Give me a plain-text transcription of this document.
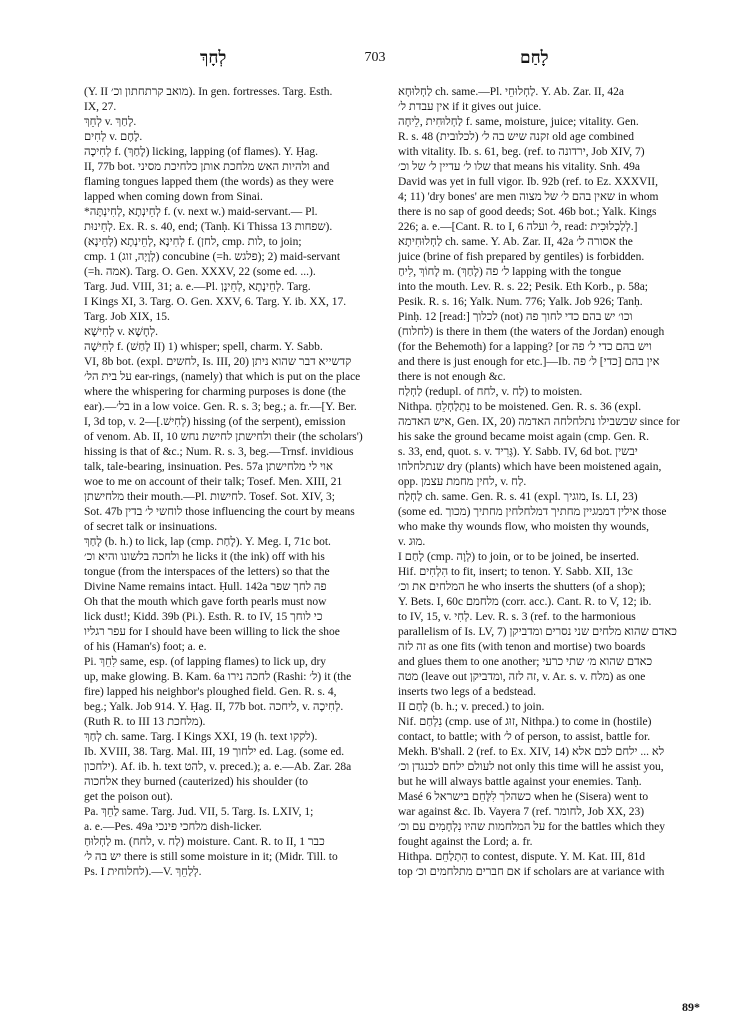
לְחָךְ	703	לָחַם
(Y. II מואב קרתחתון וכ׳). In gen. fortresses. Targ. Esth.
IX, 27.
לְחֵךְ v. לָחַךְ.
לְחִים v. לֶחֶם.
לְחִיכָה f. (לָחַךְ) licking, lapping (of flames). Y. Ḥag.
II, 77b bot. ולהיות האש מלחכת אותן כלחיכת מסיני and
flaming tongues lapped them (the words) as they were
lapped when coming down from Sinai.
*לְחֵינְתָא ,לְחִינְתָּה f. (v. next w.) maid-servant.— Pl.
לְחֵינוּת. Ex. R. s. 40, end; (Tanḥ. Ki Thissa 13 שפחות).
לְחִינָא ,לְחֵינְתָא (לְחֵינָא) f. (לחן, cmp. לות, to join;
cmp. לְוָיָה, זוג) 1) concubine (=h. פלגש); 2) maid-servant
(=h. אמה). Targ. O. Gen. XXXV, 22 (some ed. ...).
Targ. Jud. VIII, 31; a. e.—Pl. לְחֵינָתָא ,לְחֵינָן. Targ.
I Kings XI, 3. Targ. O. Gen. XXV, 6. Targ. Y. ib. XX, 17.
Targ. Job XIX, 15.
לְחִישָׁא v. לְחָשָׁא.
לְחִישָׁה f. (לָחַשׁ II) 1) whisper; spell, charm. Y. Sabb.
VI, 8b bot. (expl. לחשים, Is. III, 20) קדשייא דבר שהוא ניתן
על בית הל׳ ear-rings, (namely) that which is put on the place
where the whispering for charming purposes is done (the
ear).—בל׳ in a low voice. Gen. R. s. 3; beg.; a. fr.—[Y. Ber.
I, 3d top, v. לְחִישׁ.]—2) hissing (of the serpent), emission
of venom. Ab. II, 10 ולחישתן לחישת נחש their (the scholars')
hissing is that of &c.; Num. R. s. 3, beg.—Trnsf. invidious
talk, tale-bearing, insinuation. Pes. 57a אוי לי מלחישתן
woe to me on account of their talk; Tosef. Men. XIII, 21
מלחישתן their mouth.—Pl. לחישות. Tosef. Sot. XIV, 3;
Sot. 47b לוחשי ל׳ בדין those influencing the court by means
of secret talk or insinuations.
לָחַךְ (b. h.) to lick, lap (cmp. לָחַת). Y. Meg. I, 71c bot.
ולחכה בלשונו והיא וכ׳ he licks it (the ink) off with his
tongue (from the interspaces of the letters) so that the
Divine Name remains intact. Ḥull. 142a פה לחך שפר
Oh that the mouth which gave forth pearls must now
lick dust!; Kidd. 39b (Pi.). Esth. R. to IV, 15 כי לוחך
עפר רגליו for I should have been willing to lick the shoe
of his (Haman's) foot; a. e.
Pi. לִחֵךְ same, esp. (of lapping flames) to lick up, dry
up, make glowing. B. Kam. 6a לחכה נירו (Rashi: ל׳) it (the
fire) lapped his neighbor's ploughed field. Gen. R. s. 4,
beg.; Yalk. Job 914. Y. Ḥag. II, 77b bot. ליחכה, v. לְחִיכָה.
(Ruth R. to III 13 מלחכת).
לְחַךְ ch. same. Targ. I Kings XXI, 19 (h. text לקקו).
Ib. XVIII, 38. Targ. Mal. III, 19 ילחוך ed. Lag. (some ed.
ילחכון). Af. ib. h. text להט, v. preced.); a. e.—Ab. Zar. 28a
אלחכוה they burned (cauterized) his shoulder (to
get the poison out).
Pa. לַחֵךְ same. Targ. Jud. VII, 5. Targ. Is. LXIV, 1;
a. e.—Pes. 49a מלחכי פינכי dish-licker.
לַחְלוּחַ m. (לחח, v. לַח) moisture. Cant. R. to II, 1 כבר
יש בה ל׳ there is still some moisture in it; (Midr. Till. to
Ps. I לחלוחית).—V. לְלַחֵךְ.
לַחְלוּחָא ch. same.—Pl. לַחְלוּחֵי. Y. Ab. Zar. II, 42a
אין עבדת ל׳ if it gives out juice.
לַחְלוּחִית ,לֵיחָה f. same, moisture, juice; vitality. Gen.
R. s. 48 (לכלובית) זקנה שיש בה ל׳ old age combined
with vitality. Ib. s. 61, beg. (ref. to ירדונה, Job XIV, 7)
שלו ל׳ עדיין ל׳ של וכ׳ that means his vitality. Snh. 49a
David was yet in full vigor. Ib. 92b (ref. to Ez. XXXVII,
4; 11) 'dry bones' are men שאין בהם ל׳ של מצוה in whom
there is no sap of good deeds; Sot. 46b bot.; Yalk. Kings
226; a. e.—[Cant. R. to I, 6 ל׳ ועלה, read: לְלַכְלוּכִית.]
לַחְלוּחִיתָא ch. same. Y. Ab. Zar. II, 42a אסורה ל׳ the
juice (brine of fish prepared by gentiles) is forbidden.
לָחוֹךְ ,לִיחַ m. (לָחַךְ) ל׳ פה lapping with the tongue
into the mouth. Lev. R. s. 22; Pesik. Eth Korb., p. 58a;
Pesik. R. s. 16; Yalk. Num. 776; Yalk. Job 926; Tanḥ.
Pinḥ. 12 [read:] לכלוך (not) וכו׳ יש בהם כדי לחוך פה
(לחלוח) is there in them (the waters of the Jordan) enough
(for the Behemoth) for a lapping? [or ויש בהם כדי ל׳ פה
and there is just enough for etc.]—Ib. אין בהם [כדי] ל׳ פה
there is not enough &c.
לַחְלַח (redupl. of לחח, v. לַח) to moisten.
Nithpa. נִתְלַחְלֵחַ to be moistened. Gen. R. s. 36 (expl.
איש האדמה, Gen. IX, 20) שבשבילו נתלחלחה האדמה since for
his sake the ground became moist again (cmp. Gen. R.
s. 33, end, quot. s. v. גְּרִיד). Y. Sabb. IV, 6d bot. יבשין
שנתלחלחו dry (plants) which have been moistened again,
opp. לחין מחמת עצמן, v. לַח.
לַחְלַח ch. same. Gen. R. s. 41 (expl. מוגיך, Is. LI, 23)
(some ed. מכוך) אילין דממגיין מחתיך דמלחלחין מחתיך those
who make thy wounds flow, who moisten thy wounds,
v. מוּג.
I לָחַם (cmp. לְוָה) to join, or to be joined, be inserted.
Hif. הִלְחִים to fit, insert; to tenon. Y. Sabb. XII, 13c
המלחים את וכ׳ he who inserts the shutters (of a shop);
Y. Bets. I, 60c מלחמם (corr. acc.). Cant. R. to V, 12; ib.
to IV, 15, v. לְחִי. Lev. R. s. 3 (ref. to the harmonious
parallelism of Is. LV, 7) כאדם שהוא מלחים שני נסרים ומדביקן
זה לזה as one fits (with tenon and mortise) two boards
and glues them to one another; כאדם שהוא מ׳ שתי כרעי
מטה (leave out זה לזה ,ומדביקן, v. Ar. s. v. מלח) as one
inserts two legs of a bedstead.
II לָחַם (b. h.; v. preced.) to join.
Nif. נִלְחַם (cmp. use of זוּג, Nithpa.) to come in (hostile)
contact, to battle; with ל׳ of person, to assist, battle for.
Mekh. B'shall. 2 (ref. to Ex. XIV, 14) לא ... ילחם לכם אלא
לעולם ילחם לכנגדן וכ׳ not only this time will he assist you,
but he will always battle against your enemies. Tanḥ.
Masé 6 כשהלך לִלָּחֵם בישראל when he (Sisera) went to
war against &c. Ib. Vayera 7 (ref. לחומר, Job XX, 23)
על המלחמות שהיו נִלְחָמִים עם וכ׳ for the battles which they
fought against the Lord; a. fr.
Hithpa. הִתְלַחֵם to contest, dispute. Y. M. Kat. III, 81d
top אם חברים מתלחמים וכ׳ if scholars are at variance with
89*
